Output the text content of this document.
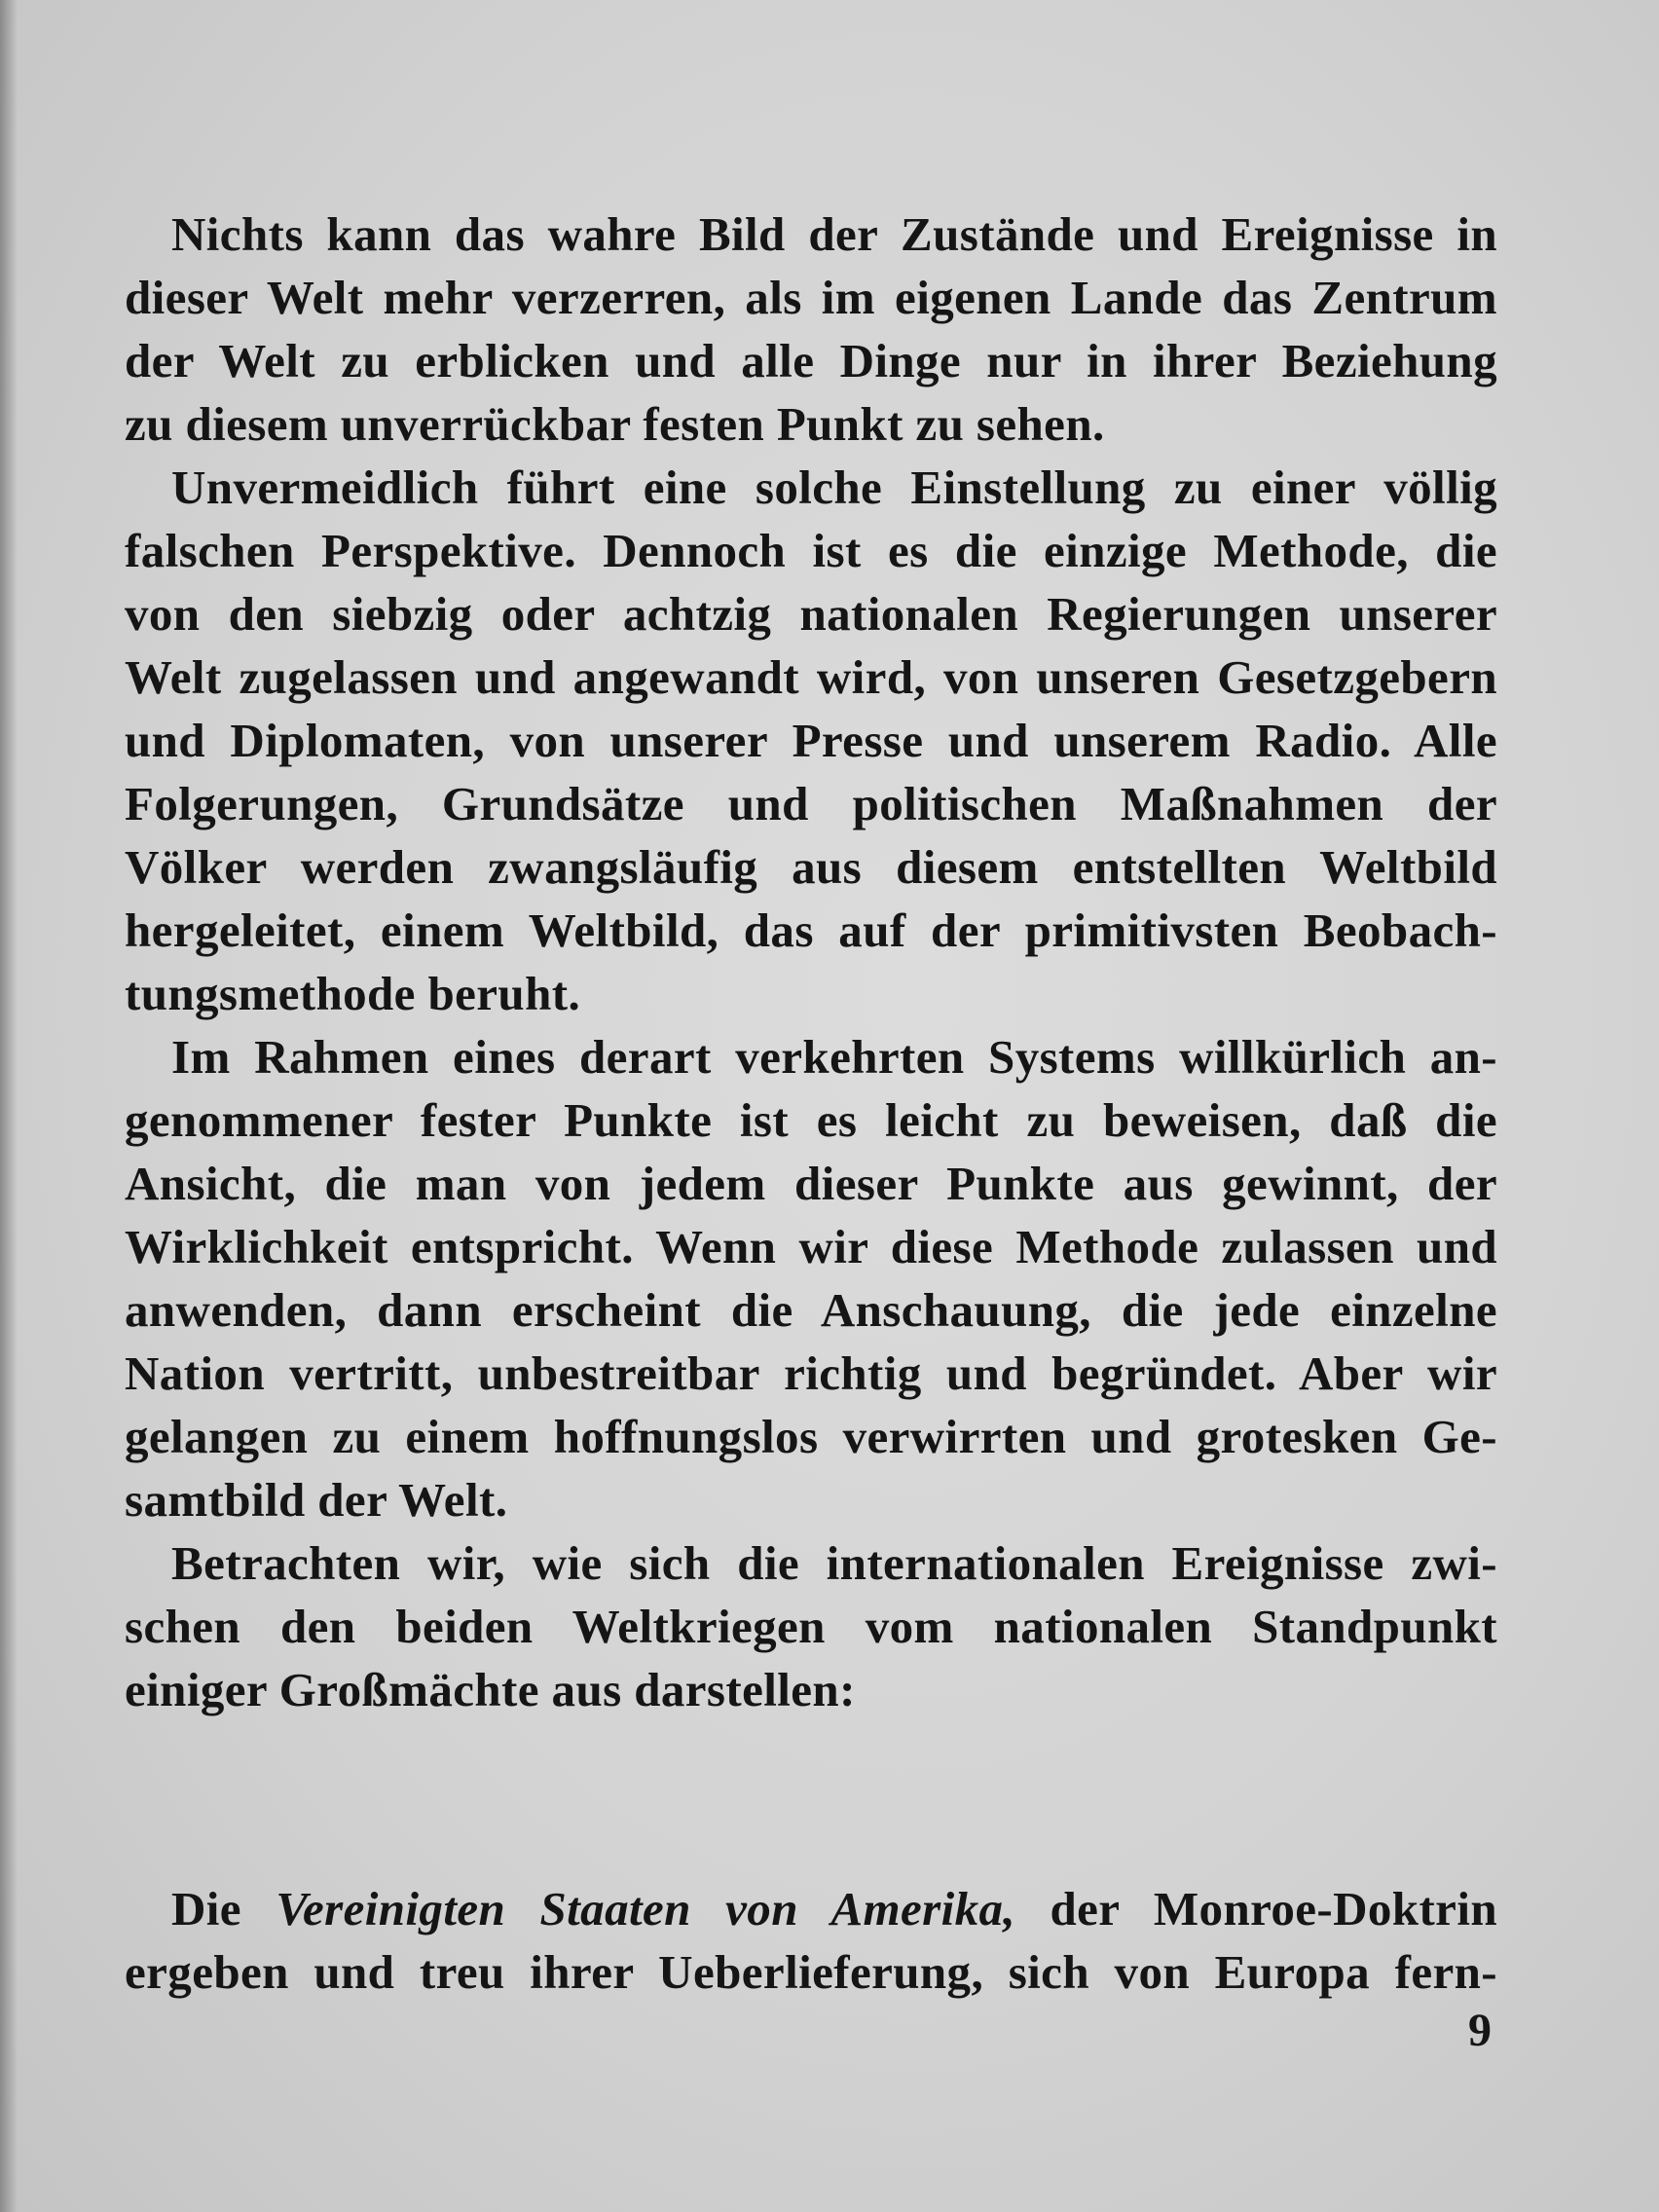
Nichts kann das wahre Bild der Zustände und Ereignisse in
dieser Welt mehr verzerren, als im eigenen Lande das Zentrum
der Welt zu erblicken und alle Dinge nur in ihrer Beziehung
zu diesem unverrückbar festen Punkt zu sehen.

Unvermeidlich führt eine solche Einstellung zu einer völlig
falschen Perspektive. Dennoch ist es die einzige Methode, die
von den siebzig oder achtzig nationalen Regierungen unserer
Welt zugelassen und angewandt wird, von unseren Gesetzgebern
und Diplomaten, von unserer Presse und unserem Radio. Alle
Folgerungen, Grundsätze und politischen Maßnahmen der
Völker werden zwangsläufig aus diesem entstellten Weltbild
hergeleitet, einem Weltbild, das auf der primitivsten Beobach-
tungsmethode beruht.

Im Rahmen eines derart verkehrten Systems willkürlich an-
genommener fester Punkte ist es leicht zu beweisen, daß die
Ansicht, die man von jedem dieser Punkte aus gewinnt, der
Wirklichkeit entspricht. Wenn wir diese Methode zulassen und
anwenden, dann erscheint die Anschauung, die jede einzelne
Nation vertritt, unbestreitbar richtig und begründet. Aber wir
gelangen zu einem hoffnungslos verwirrten und grotesken Ge-
samtbild der Welt.

Betrachten wir, wie sich die internationalen Ereignisse zwi-
schen den beiden Weltkriegen vom nationalen Standpunkt
einiger Großmächte aus darstellen:

Die Vereinigten Staaten von Amerika, der Monroe-Doktrin
ergeben und treu ihrer Ueberlieferung, sich von Europa fern-

9
